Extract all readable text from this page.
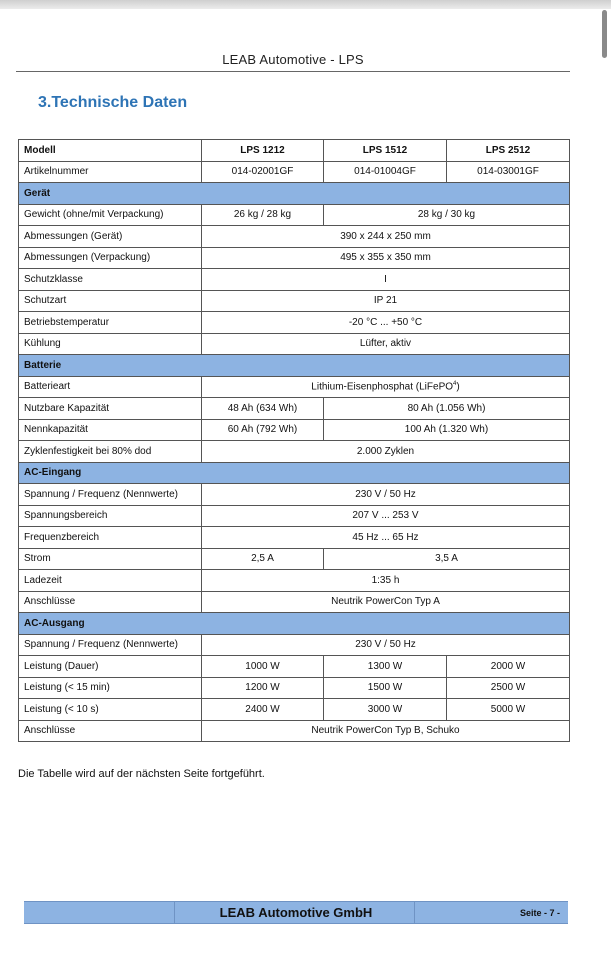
LEAB Automotive - LPS
3.Technische Daten
Modell	LPS 1212	LPS 1512	LPS 2512
Artikelnummer	014-02001GF	014-01004GF	014-03001GF
Gerät			
Gewicht (ohne/mit Verpackung)	26 kg / 28 kg	28 kg / 30 kg	
Abmessungen (Gerät)	390 x 244 x 250 mm		
Abmessungen (Verpackung)	495 x 355 x 350 mm		
Schutzklasse	I		
Schutzart	IP 21		
Betriebstemperatur	-20 °C ... +50 °C		
Kühlung	Lüfter, aktiv		
Batterie			
Batterieart	Lithium-Eisenphosphat (LiFePO$^4$)		
Nutzbare Kapazität	48 Ah (634 Wh)	80 Ah (1.056 Wh)	
Nennkapazität	60 Ah (792 Wh)	100 Ah (1.320 Wh)	
Zyklenfestigkeit bei 80% dod	2.000 Zyklen		
AC-Eingang			
Spannung / Frequenz (Nennwerte)	230 V / 50 Hz		
Spannungsbereich	207 V ... 253 V		
Frequenzbereich	45 Hz ... 65 Hz		
Strom	2,5 A	3,5 A	
Ladezeit	1:35 h		
Anschlüsse	Neutrik PowerCon Typ A		
AC-Ausgang			
Spannung / Frequenz (Nennwerte)	230 V / 50 Hz		
Leistung (Dauer)	1000 W	1300 W	2000 W
Leistung (< 15 min)	1200 W	1500 W	2500 W
Leistung (< 10 s)	2400 W	3000 W	5000 W
Anschlüsse	Neutrik PowerCon Typ B, Schuko		
Die Tabelle wird auf der nächsten Seite fortgeführt.
LEAB Automotive GmbH	Seite - 7 -
